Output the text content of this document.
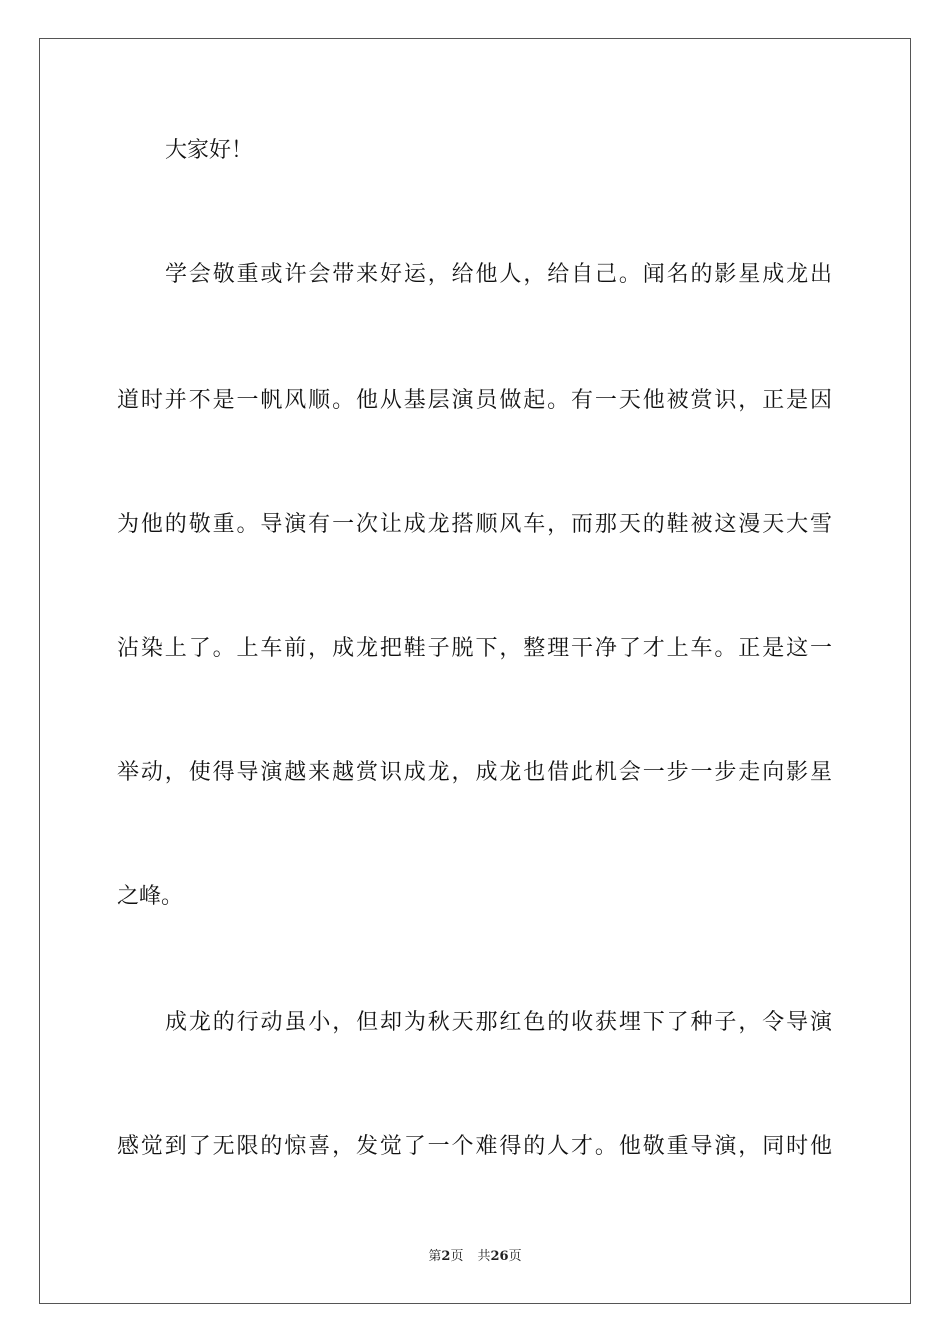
大家好！
学会敬重或许会带来好运，给他人，给自己。闻名的影星成龙出
道时并不是一帆风顺。他从基层演员做起。有一天他被赏识，正是因
为他的敬重。导演有一次让成龙搭顺风车，而那天的鞋被这漫天大雪
沾染上了。上车前，成龙把鞋子脱下，整理干净了才上车。正是这一
举动，使得导演越来越赏识成龙，成龙也借此机会一步一步走向影星
之峰。
成龙的行动虽小，但却为秋天那红色的收获埋下了种子，令导演
感觉到了无限的惊喜，发觉了一个难得的人才。他敬重导演，同时他
第2页 共26页
